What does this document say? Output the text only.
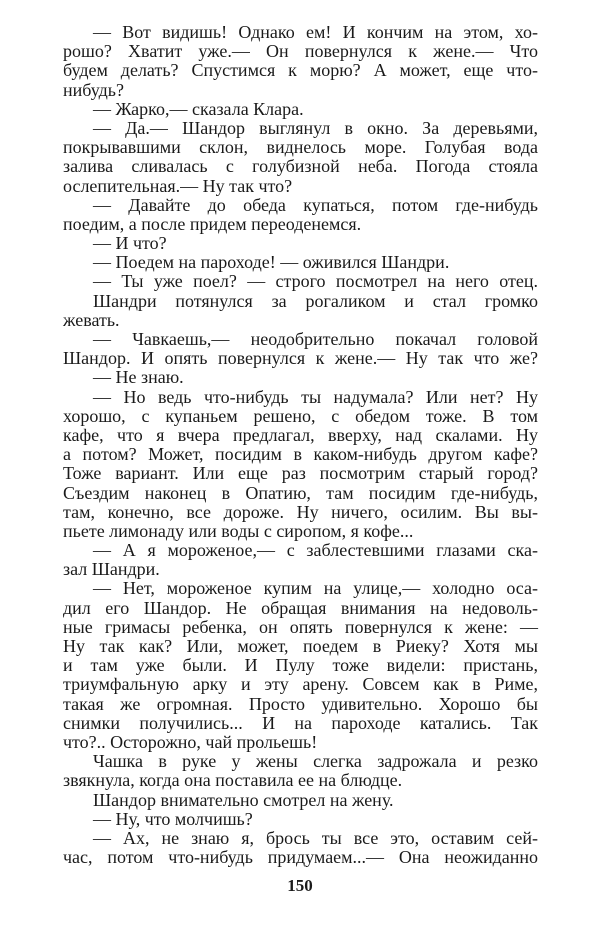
— Вот видишь! Однако ем! И кончим на этом, хо-
рошо? Хватит уже.— Он повернулся к жене.— Что
будем делать? Спустимся к морю? А может, еще что-
нибудь?
— Жарко,— сказала Клара.
— Да.— Шандор выглянул в окно. За деревьями,
покрывавшими склон, виднелось море. Голубая вода
залива сливалась с голубизной неба. Погода стояла
ослепительная.— Ну так что?
— Давайте до обеда купаться, потом где-нибудь
поедим, а после придем переоденемся.
— И что?
— Поедем на пароходе! — оживился Шандри.
— Ты уже поел? — строго посмотрел на него отец.
Шандри потянулся за рогаликом и стал громко
жевать.
— Чавкаешь,— неодобрительно покачал головой
Шандор. И опять повернулся к жене.— Ну так что же?
— Не знаю.
— Но ведь что-нибудь ты надумала? Или нет? Ну
хорошо, с купаньем решено, с обедом тоже. В том
кафе, что я вчера предлагал, вверху, над скалами. Ну
а потом? Может, посидим в каком-нибудь другом кафе?
Тоже вариант. Или еще раз посмотрим старый город?
Съездим наконец в Опатию, там посидим где-нибудь,
там, конечно, все дороже. Ну ничего, осилим. Вы вы-
пьете лимонаду или воды с сиропом, я кофе...
— А я мороженое,— с заблестевшими глазами ска-
зал Шандри.
— Нет, мороженое купим на улице,— холодно оса-
дил его Шандор. Не обращая внимания на недоволь-
ные гримасы ребенка, он опять повернулся к жене: —
Ну так как? Или, может, поедем в Риеку? Хотя мы
и там уже были. И Пулу тоже видели: пристань,
триумфальную арку и эту арену. Совсем как в Риме,
такая же огромная. Просто удивительно. Хорошо бы
снимки получились... И на пароходе катались. Так
что?.. Осторожно, чай прольешь!
Чашка в руке у жены слегка задрожала и резко
звякнула, когда она поставила ее на блюдце.
Шандор внимательно смотрел на жену.
— Ну, что молчишь?
— Ах, не знаю я, брось ты все это, оставим сей-
час, потом что-нибудь придумаем...— Она неожиданно
150
